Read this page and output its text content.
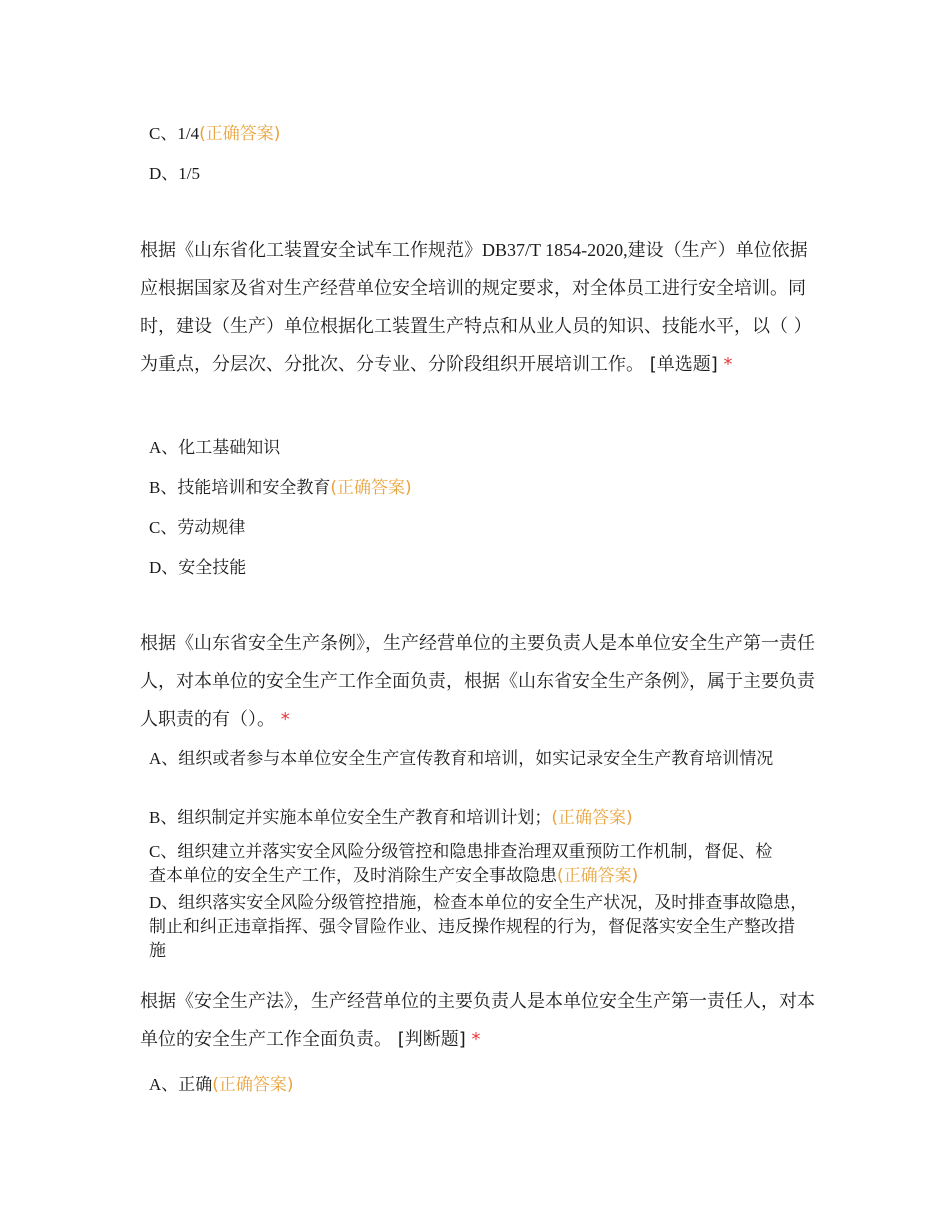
C、1/4(正确答案)
D、1/5
根据《山东省化工装置安全试车工作规范》DB37/T 1854-2020,建设（生产）单位依据应根据国家及省对生产经营单位安全培训的规定要求，对全体员工进行安全培训。同时，建设（生产）单位根据化工装置生产特点和从业人员的知识、技能水平，以（ ）为重点，分层次、分批次、分专业、分阶段组织开展培训工作。 [单选题] *
A、化工基础知识
B、技能培训和安全教育(正确答案)
C、劳动规律
D、安全技能
根据《山东省安全生产条例》，生产经营单位的主要负责人是本单位安全生产第一责任人，对本单位的安全生产工作全面负责，根据《山东省安全生产条例》，属于主要负责人职责的有（）。 *
A、组织或者参与本单位安全生产宣传教育和培训，如实记录安全生产教育培训情况
B、组织制定并实施本单位安全生产教育和培训计划；(正确答案)
C、组织建立并落实安全风险分级管控和隐患排查治理双重预防工作机制，督促、检查本单位的安全生产工作，及时消除生产安全事故隐患(正确答案)
D、组织落实安全风险分级管控措施，检查本单位的安全生产状况，及时排查事故隐患，制止和纠正违章指挥、强令冒险作业、违反操作规程的行为，督促落实安全生产整改措施
根据《安全生产法》，生产经营单位的主要负责人是本单位安全生产第一责任人，对本单位的安全生产工作全面负责。 [判断题] *
A、正确(正确答案)
